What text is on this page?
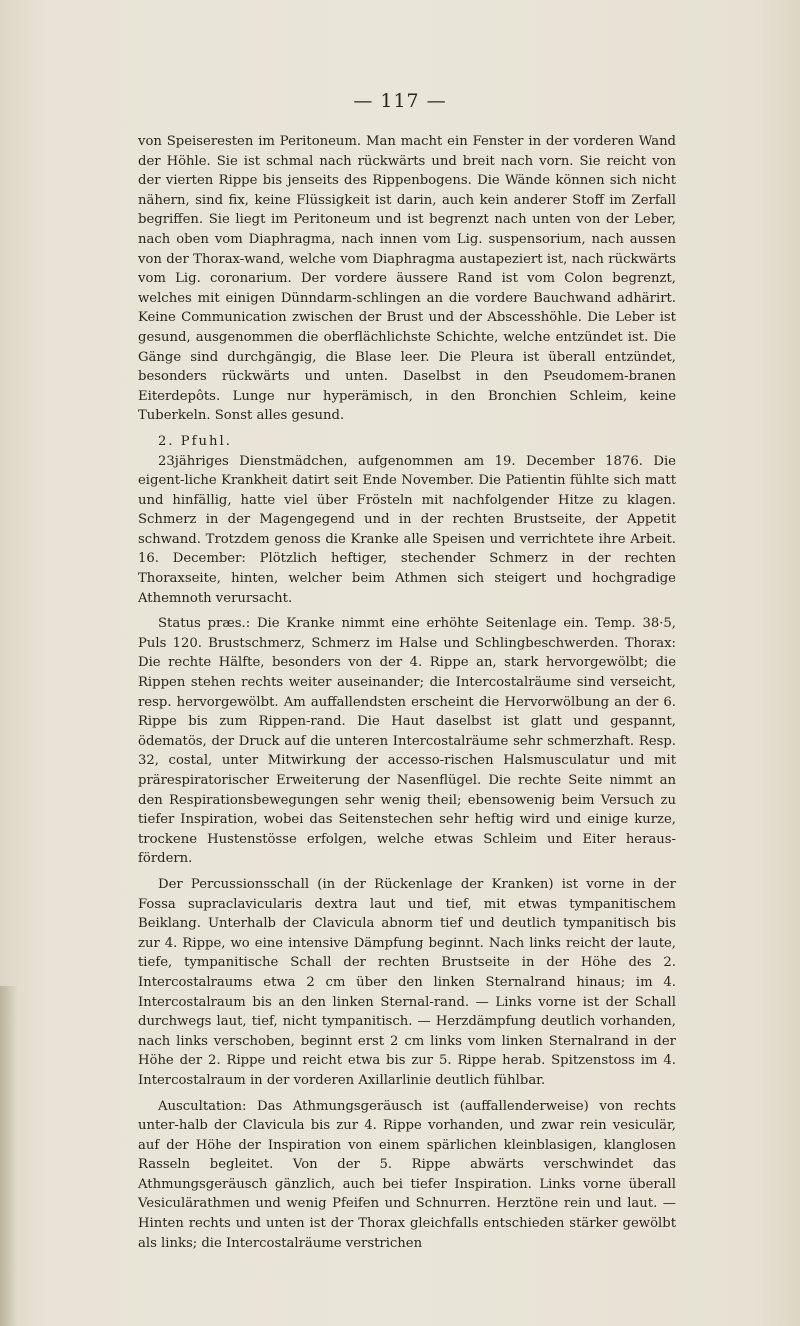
— 117 —

von Speiseresten im Peritoneum. Man macht ein Fenster in der vorderen Wand der Höhle. Sie ist schmal nach rückwärts und breit nach vorn. Sie reicht von der vierten Rippe bis jenseits des Rippenbogens. Die Wände können sich nicht nähern, sind fix, keine Flüssigkeit ist darin, auch kein anderer Stoff im Zerfall begriffen. Sie liegt im Peritoneum und ist begrenzt nach unten von der Leber, nach oben vom Diaphragma, nach innen vom Lig. suspensorium, nach aussen von der Thorax-wand, welche vom Diaphragma austapeziert ist, nach rückwärts vom Lig. coronarium. Der vordere äussere Rand ist vom Colon begrenzt, welches mit einigen Dünndarm-schlingen an die vordere Bauchwand adhärirt. Keine Communication zwischen der Brust und der Abscesshöhle. Die Leber ist gesund, ausgenommen die oberflächlichste Schichte, welche entzündet ist. Die Gänge sind durchgängig, die Blase leer. Die Pleura ist überall entzündet, besonders rückwärts und unten. Daselbst in den Pseudomem-branen Eiterdepôts. Lunge nur hyperämisch, in den Bronchien Schleim, keine Tuberkeln. Sonst alles gesund.

2. Pfuhl.

23jähriges Dienstmädchen, aufgenommen am 19. December 1876. Die eigent-liche Krankheit datirt seit Ende November. Die Patientin fühlte sich matt und hinfällig, hatte viel über Frösteln mit nachfolgender Hitze zu klagen. Schmerz in der Magengegend und in der rechten Brustseite, der Appetit schwand. Trotzdem genoss die Kranke alle Speisen und verrichtete ihre Arbeit. 16. December: Plötzlich heftiger, stechender Schmerz in der rechten Thoraxseite, hinten, welcher beim Athmen sich steigert und hochgradige Athemnoth verursacht.

Status præs.: Die Kranke nimmt eine erhöhte Seitenlage ein. Temp. 38·5, Puls 120. Brustschmerz, Schmerz im Halse und Schlingbeschwerden. Thorax: Die rechte Hälfte, besonders von der 4. Rippe an, stark hervorgewölbt; die Rippen stehen rechts weiter auseinander; die Intercostalräume sind verseicht, resp. hervorgewölbt. Am auffallendsten erscheint die Hervorwölbung an der 6. Rippe bis zum Rippen-rand. Die Haut daselbst ist glatt und gespannt, ödematös, der Druck auf die unteren Intercostalräume sehr schmerzhaft. Resp. 32, costal, unter Mitwirkung der accesso-rischen Halsmusculatur und mit prärespiratorischer Erweiterung der Nasenflügel. Die rechte Seite nimmt an den Respirationsbewegungen sehr wenig theil; ebensowenig beim Versuch zu tiefer Inspiration, wobei das Seitenstechen sehr heftig wird und einige kurze, trockene Hustenstösse erfolgen, welche etwas Schleim und Eiter heraus-fördern.

Der Percussionsschall (in der Rückenlage der Kranken) ist vorne in der Fossa supraclavicularis dextra laut und tief, mit etwas tympanitischem Beiklang. Unterhalb der Clavicula abnorm tief und deutlich tympanitisch bis zur 4. Rippe, wo eine intensive Dämpfung beginnt. Nach links reicht der laute, tiefe, tympanitische Schall der rechten Brustseite in der Höhe des 2. Intercostalraums etwa 2 cm über den linken Sternalrand hinaus; im 4. Intercostalraum bis an den linken Sternal-rand. — Links vorne ist der Schall durchwegs laut, tief, nicht tympanitisch. — Herzdämpfung deutlich vorhanden, nach links verschoben, beginnt erst 2 cm links vom linken Sternalrand in der Höhe der 2. Rippe und reicht etwa bis zur 5. Rippe herab. Spitzenstoss im 4. Intercostalraum in der vorderen Axillarlinie deutlich fühlbar.

Auscultation: Das Athmungsgeräusch ist (auffallenderweise) von rechts unter-halb der Clavicula bis zur 4. Rippe vorhanden, und zwar rein vesiculär, auf der Höhe der Inspiration von einem spärlichen kleinblasigen, klanglosen Rasseln begleitet. Von der 5. Rippe abwärts verschwindet das Athmungsgeräusch gänzlich, auch bei tiefer Inspiration. Links vorne überall Vesiculärathmen und wenig Pfeifen und Schnurren. Herztöne rein und laut. — Hinten rechts und unten ist der Thorax gleichfalls entschieden stärker gewölbt als links; die Intercostalräume verstrichen
